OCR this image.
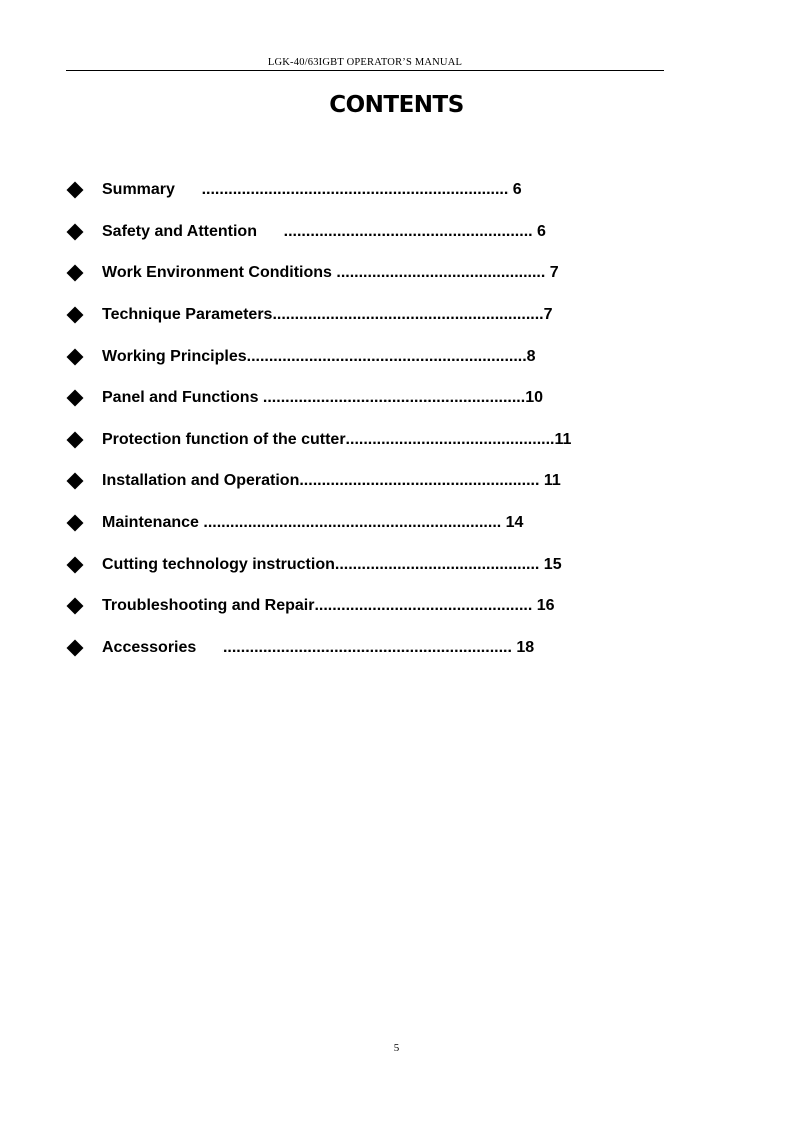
LGK-40/63IGBT OPERATOR’S MANUAL
CONTENTS
Summary ..................................................................... 6
Safety and Attention ........................................................ 6
Work Environment Conditions ............................................... 7
Technique Parameters .............................................................7
Working Principles ...............................................................8
Panel and Functions ...........................................................10
Protection function of the cutter ...............................................11
Installation and Operation ...................................................... 11
Maintenance ................................................................... 14
Cutting technology instruction .............................................. 15
Troubleshooting and Repair ................................................. 16
Accessories ................................................................. 18
5
